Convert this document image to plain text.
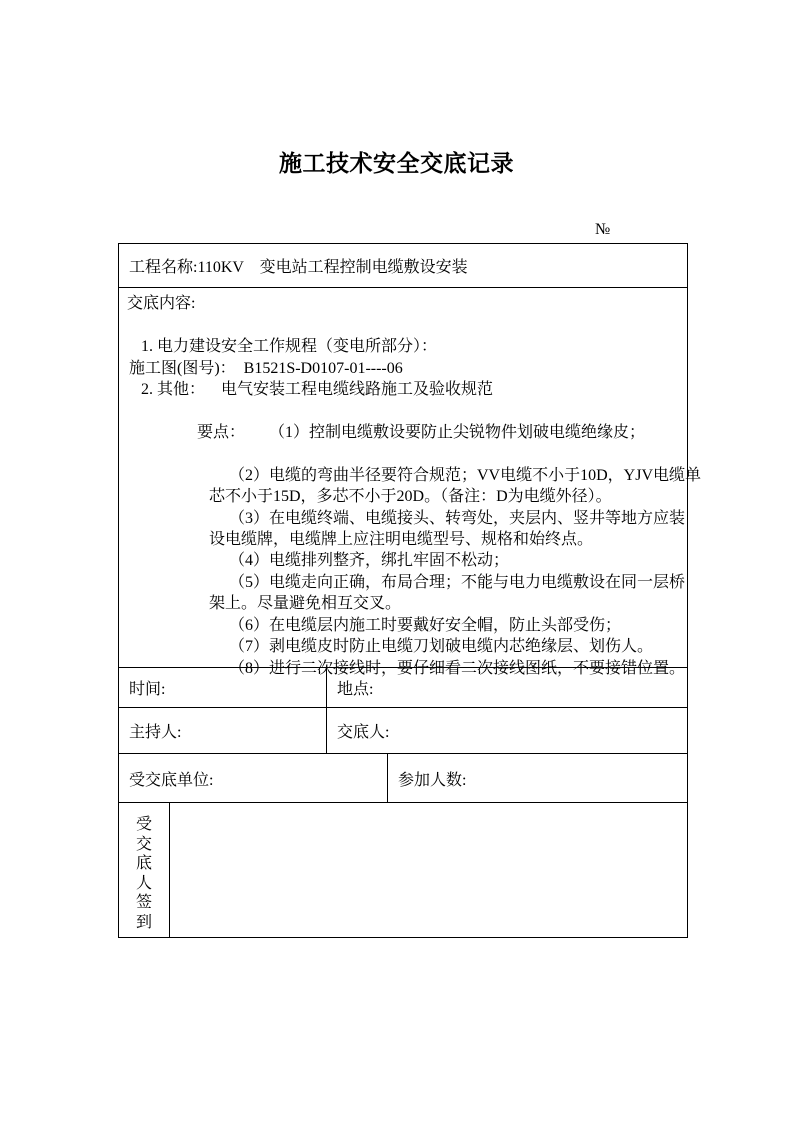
施工技术安全交底记录
№
工程名称: 110KV　变电站工程控制电缆敷设安装
交底内容:
1. 电力建设安全工作规程（变电所部分）：
施工图(图号)：  B1521S-D0107-01----06
2. 其他：    电气安装工程电缆线路施工及验收规范

要点： （1）控制电缆敷设要防止尖锐物件划破电缆绝缘皮；

（2）电缆的弯曲半径要符合规范；VV电缆不小于10D，YJV电缆单
芯不小于15D，多芯不小于20D。（备注：D为电缆外径）。
（3）在电缆终端、电缆接头、转弯处，夹层内、竖井等地方应装
设电缆牌，电缆牌上应注明电缆型号、规格和始终点。
（4）电缆排列整齐，绑扎牢固不松动；
（5）电缆走向正确，布局合理；不能与电力电缆敷设在同一层桥
架上。尽量避免相互交叉。
（6）在电缆层内施工时要戴好安全帽，防止头部受伤；
（7）剥电缆皮时防止电缆刀划破电缆内芯绝缘层、划伤人。
（8）进行二次接线时，要仔细看二次接线图纸，不要接错位置。
时间:	地点:
主持人:	交底人:
受交底单位:	参加人数:
受交底人签到
